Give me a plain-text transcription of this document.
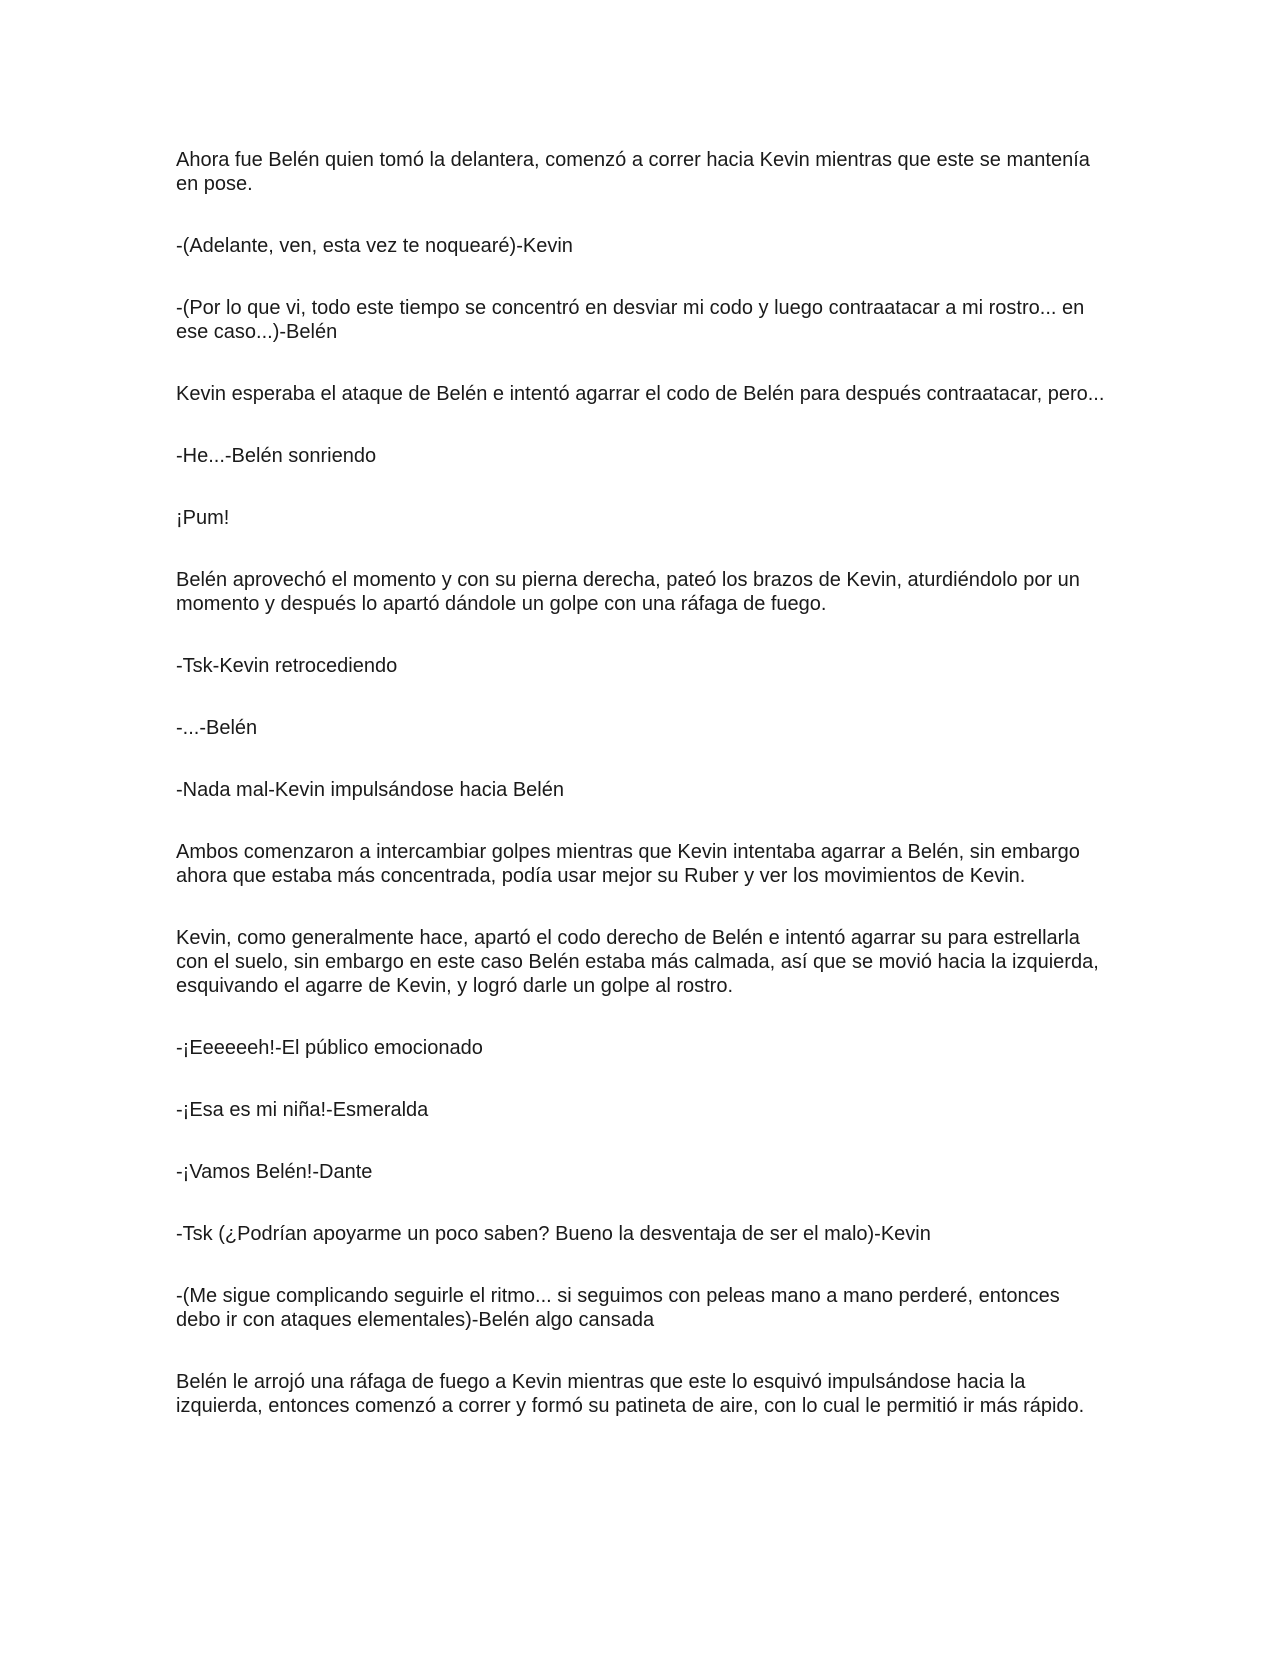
Ahora fue Belén quien tomó la delantera, comenzó a correr hacia Kevin mientras que este se mantenía en pose.

-(Adelante, ven, esta vez te noquearé)-Kevin

-(Por lo que vi, todo este tiempo se concentró en desviar mi codo y luego contraatacar a mi rostro... en ese caso...)-Belén

Kevin esperaba el ataque de Belén e intentó agarrar el codo de Belén para después contraatacar, pero...

-He...-Belén sonriendo

¡Pum!

Belén aprovechó el momento y con su pierna derecha, pateó los brazos de Kevin, aturdiéndolo por un momento y después lo apartó dándole un golpe con una ráfaga de fuego.

-Tsk-Kevin retrocediendo

-...-Belén

-Nada mal-Kevin impulsándose hacia Belén

Ambos comenzaron a intercambiar golpes mientras que Kevin intentaba agarrar a Belén, sin embargo ahora que estaba más concentrada, podía usar mejor su Ruber y ver los movimientos de Kevin.

Kevin, como generalmente hace, apartó el codo derecho de Belén e intentó agarrar su para estrellarla con el suelo, sin embargo en este caso Belén estaba más calmada, así que se movió hacia la izquierda, esquivando el agarre de Kevin, y logró darle un golpe al rostro.

-¡Eeeeeeh!-El público emocionado

-¡Esa es mi niña!-Esmeralda

-¡Vamos Belén!-Dante

-Tsk (¿Podrían apoyarme un poco saben? Bueno la desventaja de ser el malo)-Kevin

-(Me sigue complicando seguirle el ritmo... si seguimos con peleas mano a mano perderé, entonces debo ir con ataques elementales)-Belén algo cansada

Belén le arrojó una ráfaga de fuego a Kevin mientras que este lo esquivó impulsándose hacia la izquierda, entonces comenzó a correr y formó su patineta de aire, con lo cual le permitió ir más rápido.
